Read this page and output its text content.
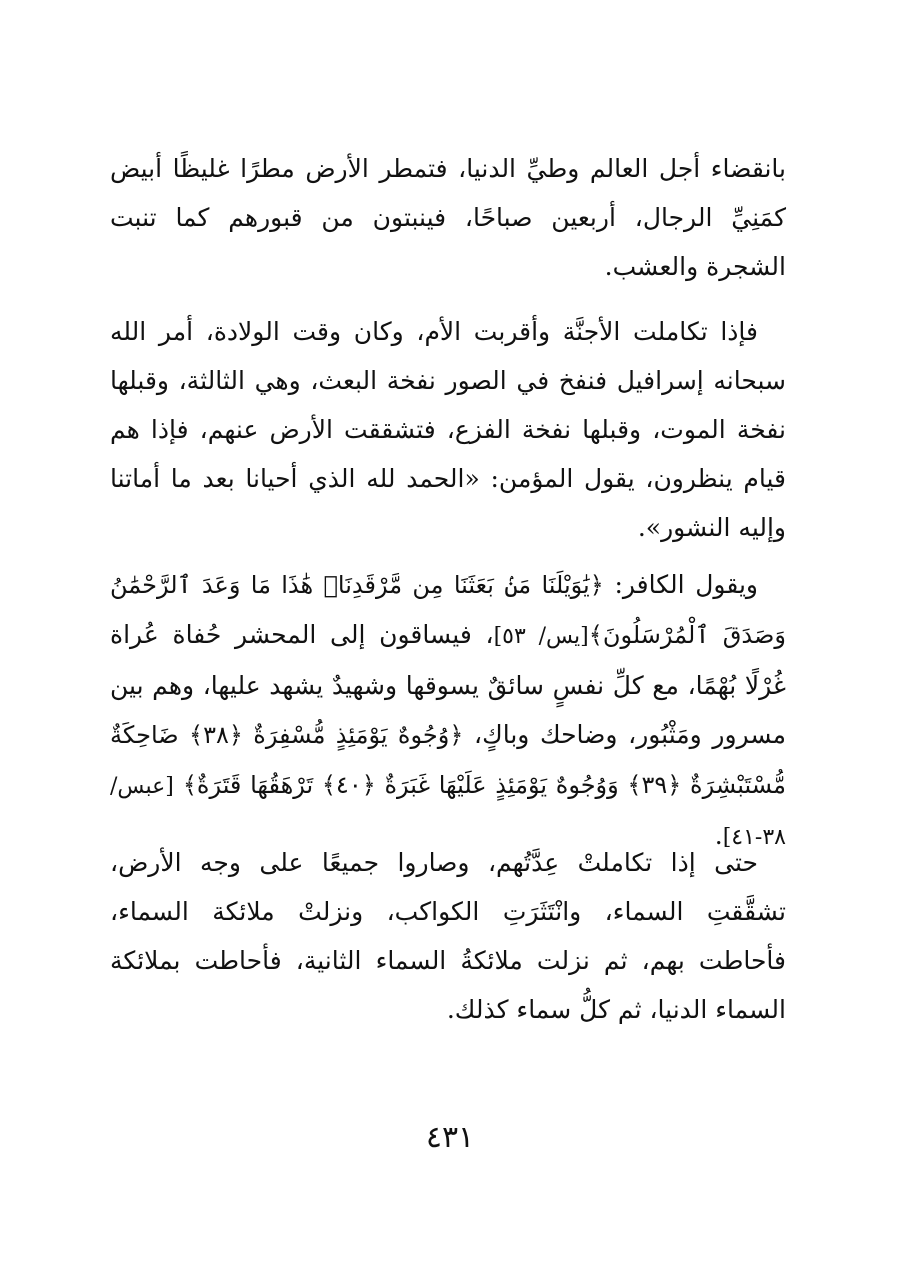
بانقضاء أجل العالم وطيِّ الدنيا، فتمطر الأرض مطرًا غليظًا أبيض كمَنِيِّ الرجال، أربعين صباحًا، فينبتون من قبورهم كما تنبت الشجرة والعشب.

فإذا تكاملت الأجنَّة وأقربت الأم، وكان وقت الولادة، أمر الله سبحانه إسرافيل فنفخ في الصور نفخة البعث، وهي الثالثة، وقبلها نفخة الموت، وقبلها نفخة الفزع، فتشققت الأرض عنهم، فإذا هم قيام ينظرون، يقول المؤمن: «الحمد لله الذي أحيانا بعد ما أماتنا وإليه النشور».

ويقول الكافر: ﴿يَٰوَيْلَنَا مَنۢ بَعَثَنَا مِن مَّرْقَدِنَاۜ هَٰذَا مَا وَعَدَ ٱلرَّحْمَٰنُ وَصَدَقَ ٱلْمُرْسَلُونَ﴾[يس/ ٥٣]، فيساقون إلى المحشر حُفاة عُراة غُرْلًا بُهْمًا، مع كلِّ نفسٍ سائقٌ يسوقها وشهيدٌ يشهد عليها، وهم بين مسرور ومَثْبُور، وضاحك وباكٍ، ﴿وُجُوهٌ يَوْمَئِذٍ مُّسْفِرَةٌ ﴿٣٨﴾ ضَاحِكَةٌ مُّسْتَبْشِرَةٌ ﴿٣٩﴾ وَوُجُوهٌ يَوْمَئِذٍ عَلَيْهَا غَبَرَةٌ ﴿٤٠﴾ تَرْهَقُهَا قَتَرَةٌ﴾ [عبس/ ٣٨-٤١].

حتى إذا تكاملتْ عِدَّتُهم، وصاروا جميعًا على وجه الأرض، تشقَّقتِ السماء، وانْتَثَرَتِ الكواكب، ونزلتْ ملائكة السماء، فأحاطت بهم، ثم نزلت ملائكةُ السماء الثانية، فأحاطت بملائكة السماء الدنيا، ثم كلُّ سماء كذلك.

٤٣١
